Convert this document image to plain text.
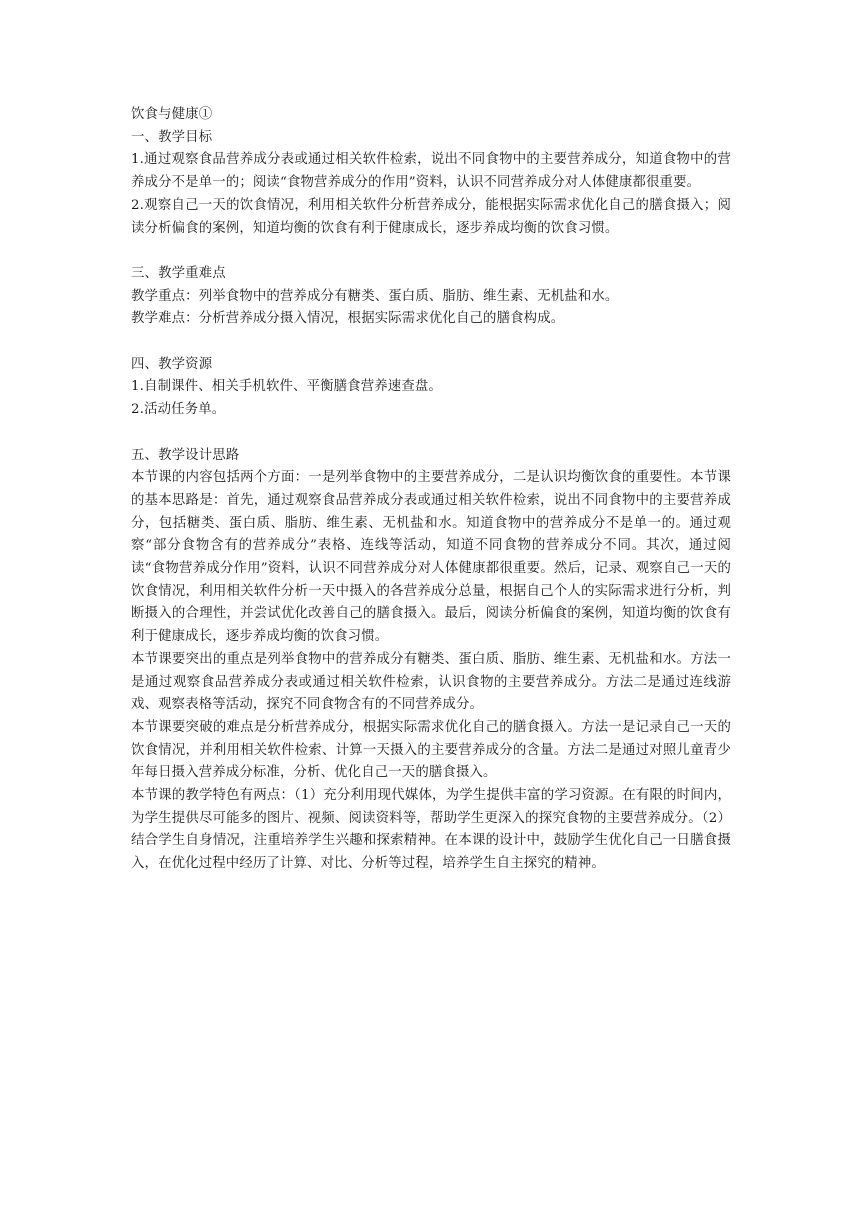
饮食与健康①

一、教学目标

1.通过观察食品营养成分表或通过相关软件检索，说出不同食物中的主要营养成分，知道食物中的营养成分不是单一的；阅读“食物营养成分的作用”资料，认识不同营养成分对人体健康都很重要。

2.观察自己一天的饮食情况，利用相关软件分析营养成分，能根据实际需求优化自己的膳食摄入；阅读分析偏食的案例，知道均衡的饮食有利于健康成长，逐步养成均衡的饮食习惯。

三、教学重难点

教学重点：列举食物中的营养成分有糖类、蛋白质、脂肪、维生素、无机盐和水。

教学难点：分析营养成分摄入情况，根据实际需求优化自己的膳食构成。

四、教学资源

1.自制课件、相关手机软件、平衡膳食营养速查盘。

2.活动任务单。

五、教学设计思路

本节课的内容包括两个方面：一是列举食物中的主要营养成分，二是认识均衡饮食的重要性。本节课的基本思路是：首先，通过观察食品营养成分表或通过相关软件检索，说出不同食物中的主要营养成分，包括糖类、蛋白质、脂肪、维生素、无机盐和水。知道食物中的营养成分不是单一的。通过观察“部分食物含有的营养成分”表格、连线等活动，知道不同食物的营养成分不同。其次，通过阅读“食物营养成分作用”资料，认识不同营养成分对人体健康都很重要。然后，记录、观察自己一天的饮食情况，利用相关软件分析一天中摄入的各营养成分总量，根据自己个人的实际需求进行分析，判断摄入的合理性，并尝试优化改善自己的膳食摄入。最后，阅读分析偏食的案例，知道均衡的饮食有利于健康成长，逐步养成均衡的饮食习惯。

本节课要突出的重点是列举食物中的营养成分有糖类、蛋白质、脂肪、维生素、无机盐和水。方法一是通过观察食品营养成分表或通过相关软件检索，认识食物的主要营养成分。方法二是通过连线游戏、观察表格等活动，探究不同食物含有的不同营养成分。

本节课要突破的难点是分析营养成分，根据实际需求优化自己的膳食摄入。方法一是记录自己一天的饮食情况，并利用相关软件检索、计算一天摄入的主要营养成分的含量。方法二是通过对照儿童青少年每日摄入营养成分标准，分析、优化自己一天的膳食摄入。

本节课的教学特色有两点：（1）充分利用现代媒体，为学生提供丰富的学习资源。在有限的时间内，为学生提供尽可能多的图片、视频、阅读资料等，帮助学生更深入的探究食物的主要营养成分。（2）结合学生自身情况，注重培养学生兴趣和探索精神。在本课的设计中，鼓励学生优化自己一日膳食摄入，在优化过程中经历了计算、对比、分析等过程，培养学生自主探究的精神。
